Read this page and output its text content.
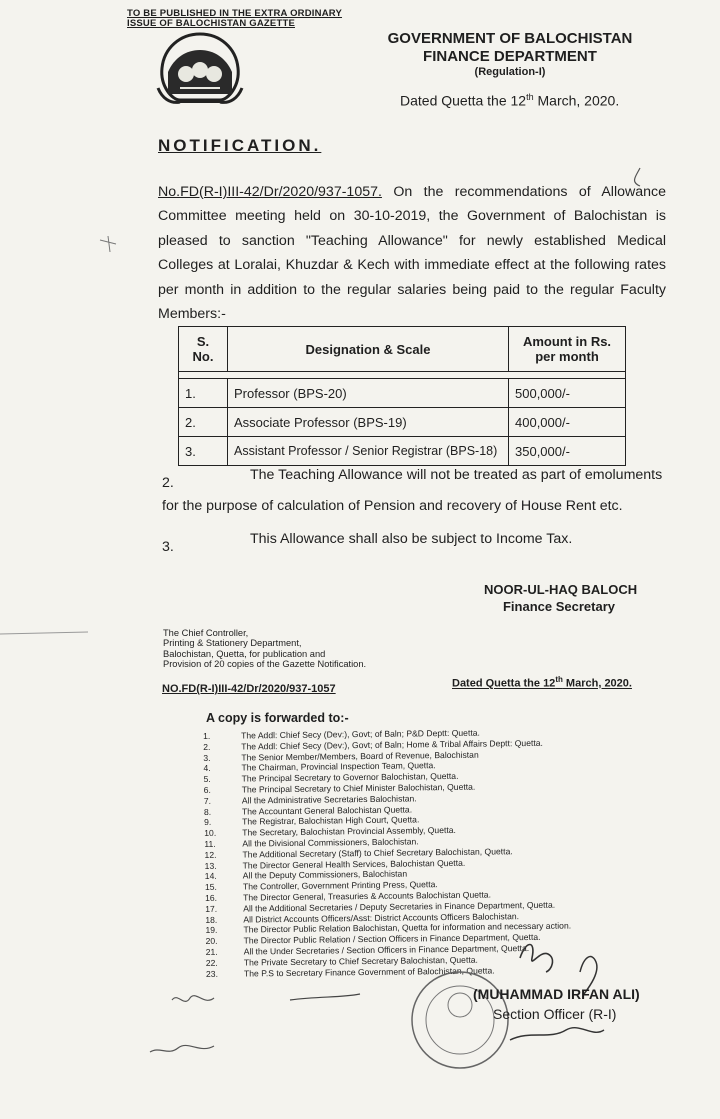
TO BE PUBLISHED IN THE EXTRA ORDINARY
ISSUE OF BALOCHISTAN GAZETTE
GOVERNMENT OF BALOCHISTAN
FINANCE DEPARTMENT
(Regulation-I)
Dated Quetta the 12th March, 2020.
NOTIFICATION.
No.FD(R-I)III-42/Dr/2020/937-1057. On the recommendations of Allowance Committee meeting held on 30-10-2019, the Government of Balochistan is pleased to sanction "Teaching Allowance" for newly established Medical Colleges at Loralai, Khuzdar & Kech with immediate effect at the following rates per month in addition to the regular salaries being paid to the regular Faculty Members:-
S. No.	Designation & Scale	Amount in Rs. per month

1.	Professor (BPS-20)	500,000/-
2.	Associate Professor (BPS-19)	400,000/-
3.	Assistant Professor / Senior Registrar (BPS-18)	350,000/-
2.	The Teaching Allowance will not be treated as part of emoluments
for the purpose of calculation of Pension and recovery of House Rent etc.
3.	This Allowance shall also be subject to Income Tax.
NOOR-UL-HAQ BALOCH
Finance Secretary
The Chief Controller,
Printing & Stationery Department,
Balochistan, Quetta, for publication and
Provision of 20 copies of the Gazette Notification.
NO.FD(R-I)III-42/Dr/2020/937-1057	Dated Quetta the 12th March, 2020.
A copy is forwarded to:-
1.	The Addl: Chief Secy (Dev:), Govt; of Baln; P&D Deptt: Quetta.
2.	The Addl: Chief Secy (Dev:), Govt; of Baln; Home & Tribal Affairs Deptt: Quetta.
3.	The Senior Member/Members, Board of Revenue, Balochistan
4.	The Chairman, Provincial Inspection Team, Quetta.
5.	The Principal Secretary to Governor Balochistan, Quetta.
6.	The Principal Secretary to Chief Minister Balochistan, Quetta.
7.	All the Administrative Secretaries Balochistan.
8.	The Accountant General Balochistan Quetta.
9.	The Registrar, Balochistan High Court, Quetta.
10.	The Secretary, Balochistan Provincial Assembly, Quetta.
11.	All the Divisional Commissioners, Balochistan.
12.	The Additional Secretary (Staff) to Chief Secretary Balochistan, Quetta.
13.	The Director General Health Services, Balochistan Quetta.
14.	All the Deputy Commissioners, Balochistan
15.	The Controller, Government Printing Press, Quetta.
16.	The Director General, Treasuries & Accounts Balochistan Quetta.
17.	All the Additional Secretaries / Deputy Secretaries in Finance Department, Quetta.
18.	All District Accounts Officers/Asst: District Accounts Officers Balochistan.
19.	The Director Public Relation Balochistan, Quetta for information and necessary action.
20.	The Director Public Relation / Section Officers in Finance Department, Quetta.
21.	All the Under Secretaries / Section Officers in Finance Department, Quetta.
22.	The Private Secretary to Chief Secretary Balochistan, Quetta.
23.	The P.S to Secretary Finance Government of Balochistan, Quetta.
(MUHAMMAD IRFAN ALI)
Section Officer (R-I)
